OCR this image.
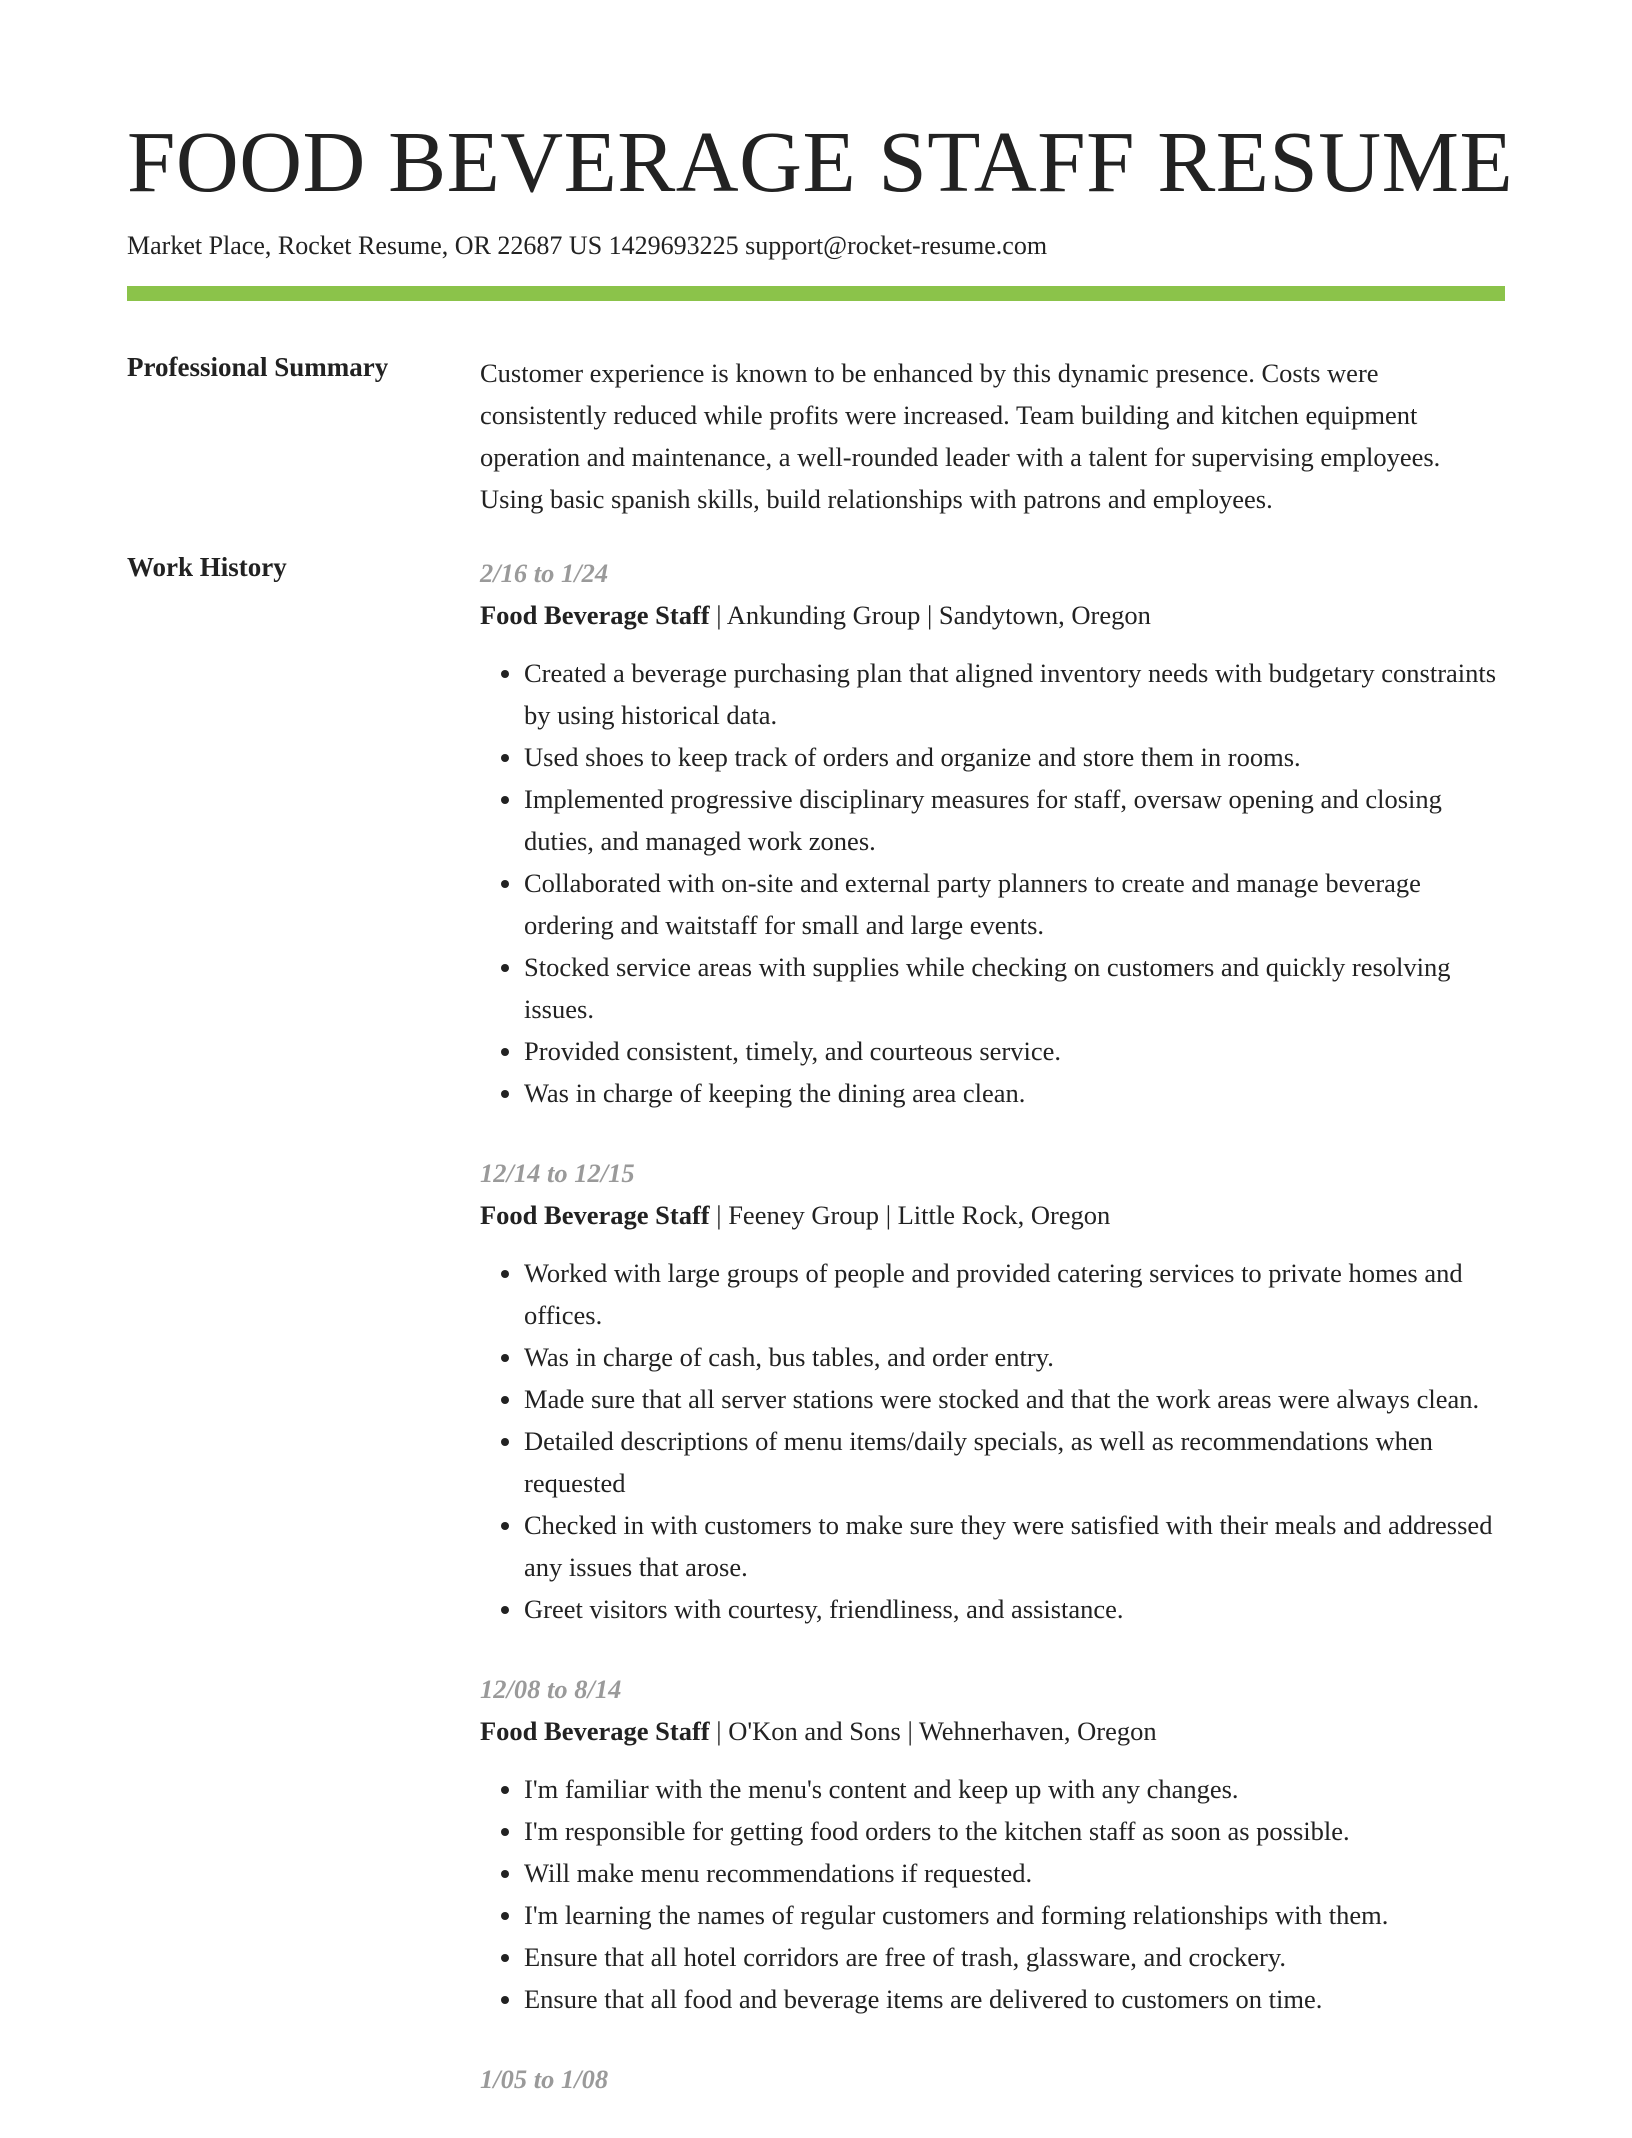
FOOD BEVERAGE STAFF RESUME
Market Place, Rocket Resume, OR 22687 US 1429693225 support@rocket-resume.com
Professional Summary	Customer experience is known to be enhanced by this dynamic presence. Costs were consistently reduced while profits were increased. Team building and kitchen equipment operation and maintenance, a well-rounded leader with a talent for supervising employees. Using basic spanish skills, build relationships with patrons and employees.

Work History	2/16 to 1/24
Food Beverage Staff | Ankunding Group | Sandytown, Oregon
• Created a beverage purchasing plan that aligned inventory needs with budgetary constraints by using historical data.
• Used shoes to keep track of orders and organize and store them in rooms.
• Implemented progressive disciplinary measures for staff, oversaw opening and closing duties, and managed work zones.
• Collaborated with on-site and external party planners to create and manage beverage ordering and waitstaff for small and large events.
• Stocked service areas with supplies while checking on customers and quickly resolving issues.
• Provided consistent, timely, and courteous service.
• Was in charge of keeping the dining area clean.
12/14 to 12/15
Food Beverage Staff | Feeney Group | Little Rock, Oregon
• Worked with large groups of people and provided catering services to private homes and offices.
• Was in charge of cash, bus tables, and order entry.
• Made sure that all server stations were stocked and that the work areas were always clean.
• Detailed descriptions of menu items/daily specials, as well as recommendations when requested
• Checked in with customers to make sure they were satisfied with their meals and addressed any issues that arose.
• Greet visitors with courtesy, friendliness, and assistance.
12/08 to 8/14
Food Beverage Staff | O'Kon and Sons | Wehnerhaven, Oregon
• I'm familiar with the menu's content and keep up with any changes.
• I'm responsible for getting food orders to the kitchen staff as soon as possible.
• Will make menu recommendations if requested.
• I'm learning the names of regular customers and forming relationships with them.
• Ensure that all hotel corridors are free of trash, glassware, and crockery.
• Ensure that all food and beverage items are delivered to customers on time.
1/05 to 1/08
